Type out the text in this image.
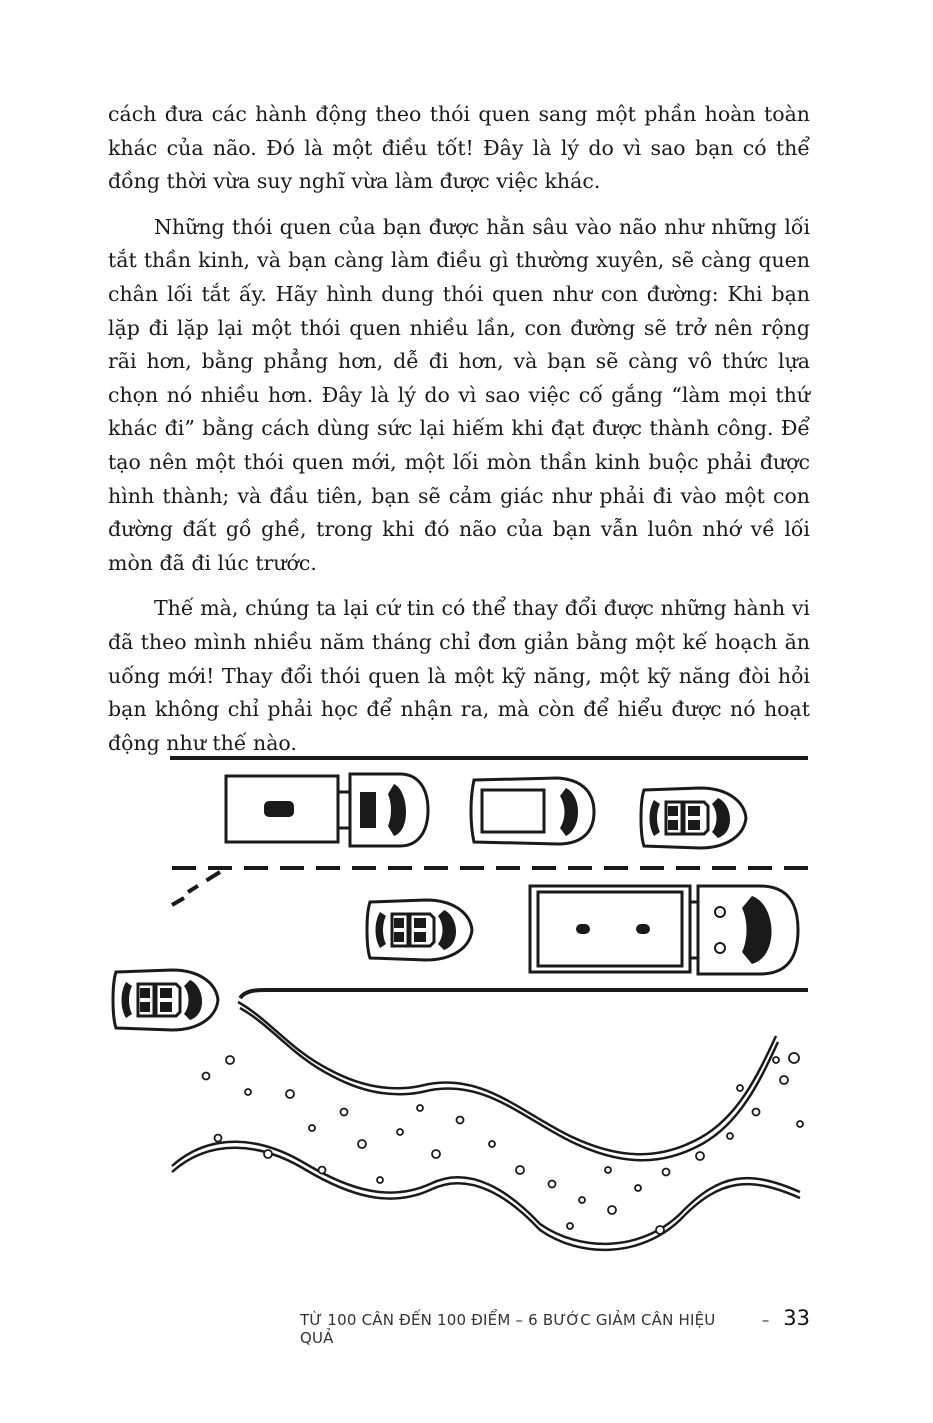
cách đưa các hành động theo thói quen sang một phần hoàn toàn khác của não. Đó là một điều tốt! Đây là lý do vì sao bạn có thể đồng thời vừa suy nghĩ vừa làm được việc khác.

Những thói quen của bạn được hằn sâu vào não như những lối tắt thần kinh, và bạn càng làm điều gì thường xuyên, sẽ càng quen chân lối tắt ấy. Hãy hình dung thói quen như con đường: Khi bạn lặp đi lặp lại một thói quen nhiều lần, con đường sẽ trở nên rộng rãi hơn, bằng phẳng hơn, dễ đi hơn, và bạn sẽ càng vô thức lựa chọn nó nhiều hơn. Đây là lý do vì sao việc cố gắng “làm mọi thứ khác đi” bằng cách dùng sức lại hiếm khi đạt được thành công. Để tạo nên một thói quen mới, một lối mòn thần kinh buộc phải được hình thành; và đầu tiên, bạn sẽ cảm giác như phải đi vào một con đường đất gồ ghề, trong khi đó não của bạn vẫn luôn nhớ về lối mòn đã đi lúc trước.

Thế mà, chúng ta lại cứ tin có thể thay đổi được những hành vi đã theo mình nhiều năm tháng chỉ đơn giản bằng một kế hoạch ăn uống mới! Thay đổi thói quen là một kỹ năng, một kỹ năng đòi hỏi bạn không chỉ phải học để nhận ra, mà còn để hiểu được nó hoạt động như thế nào.

TỪ 100 CÂN ĐẾN 100 ĐIỂM – 6 BƯỚC GIẢM CÂN HIỆU QUẢ
– 33
